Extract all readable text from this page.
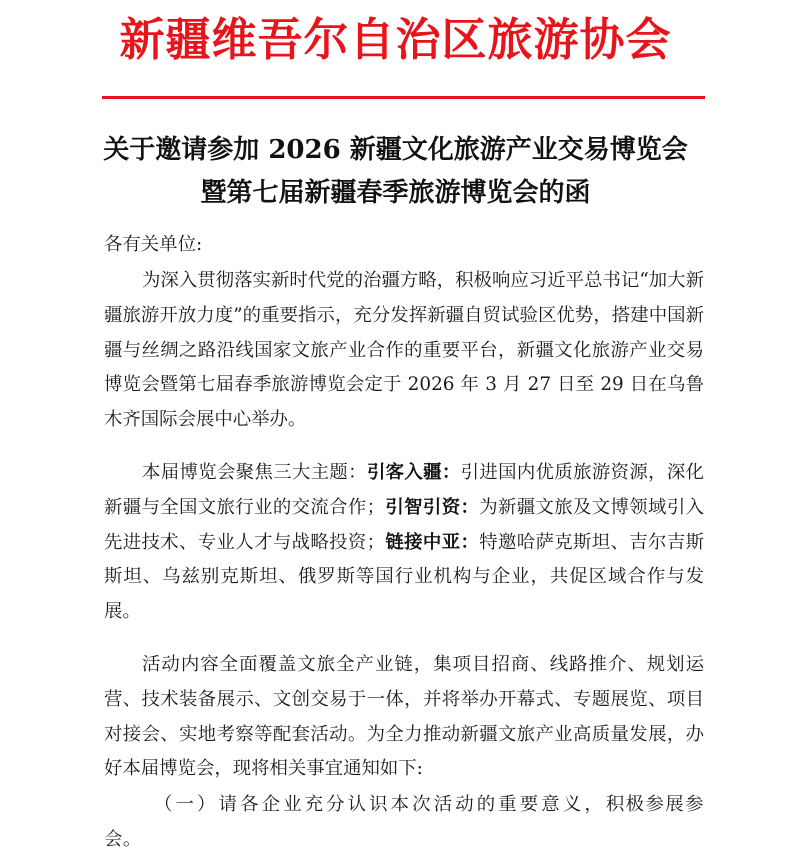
新疆维吾尔自治区旅游协会
关于邀请参加 2026 新疆文化旅游产业交易博览会
暨第七届新疆春季旅游博览会的函
各有关单位:
为深入贯彻落实新时代党的治疆方略，积极响应习近平总书记“加大新疆旅游开放力度”的重要指示，充分发挥新疆自贸试验区优势，搭建中国新疆与丝绸之路沿线国家文旅产业合作的重要平台，新疆文化旅游产业交易博览会暨第七届春季旅游博览会定于 2026 年 3 月 27 日至 29 日在乌鲁木齐国际会展中心举办。
本届博览会聚焦三大主题：引客入疆：引进国内优质旅游资源，深化新疆与全国文旅行业的交流合作；引智引资：为新疆文旅及文博领域引入先进技术、专业人才与战略投资；链接中亚：特邀哈萨克斯坦、吉尔吉斯斯坦、乌兹别克斯坦、俄罗斯等国行业机构与企业，共促区域合作与发展。
活动内容全面覆盖文旅全产业链，集项目招商、线路推介、规划运营、技术装备展示、文创交易于一体，并将举办开幕式、专题展览、项目对接会、实地考察等配套活动。为全力推动新疆文旅产业高质量发展，办好本届博览会，现将相关事宜通知如下:
（一）请各企业充分认识本次活动的重要意义，积极参展参会。
